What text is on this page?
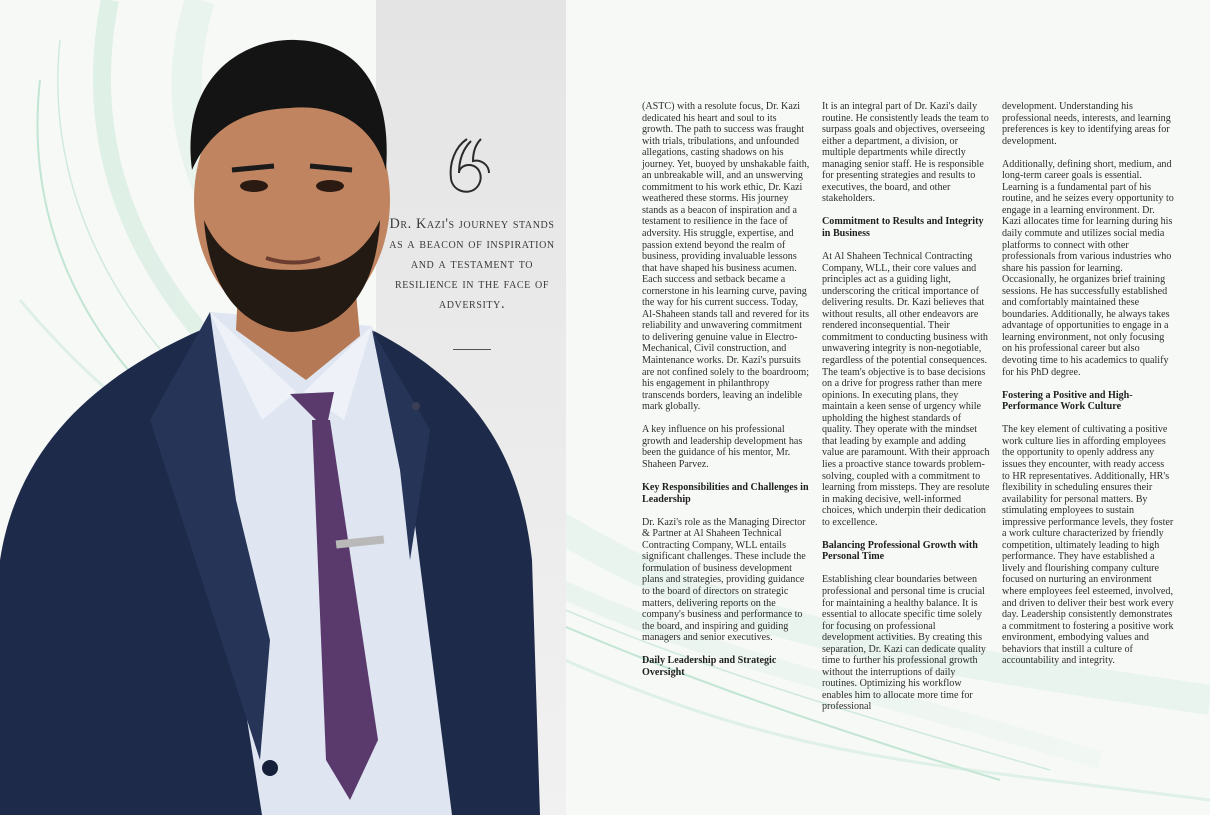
Dr. Kazi's journey stands as a beacon of inspiration and a testament to resilience in the face of adversity.

(ASTC) with a resolute focus, Dr. Kazi dedicated his heart and soul to its growth. The path to success was fraught with trials, tribulations, and unfounded allegations, casting shadows on his journey. Yet, buoyed by unshakable faith, an unbreakable will, and an unswerving commitment to his work ethic, Dr. Kazi weathered these storms. His journey stands as a beacon of inspiration and a testament to resilience in the face of adversity. His struggle, expertise, and passion extend beyond the realm of business, providing invaluable lessons that have shaped his business acumen. Each success and setback became a cornerstone in his learning curve, paving the way for his current success. Today, Al-Shaheen stands tall and revered for its reliability and unwavering commitment to delivering genuine value in Electro-Mechanical, Civil construction, and Maintenance works. Dr. Kazi's pursuits are not confined solely to the boardroom; his engagement in philanthropy transcends borders, leaving an indelible mark globally.

A key influence on his professional growth and leadership development has been the guidance of his mentor, Mr. Shaheen Parvez.

Key Responsibilities and Challenges in Leadership

Dr. Kazi's role as the Managing Director & Partner at Al Shaheen Technical Contracting Company, WLL entails significant challenges. These include the formulation of business development plans and strategies, providing guidance to the board of directors on strategic matters, delivering reports on the company's business and performance to the board, and inspiring and guiding managers and senior executives.

Daily Leadership and Strategic Oversight

It is an integral part of Dr. Kazi's daily routine. He consistently leads the team to surpass goals and objectives, overseeing either a department, a division, or multiple departments while directly managing senior staff. He is responsible for presenting strategies and results to executives, the board, and other stakeholders.

Commitment to Results and Integrity in Business

At Al Shaheen Technical Contracting Company, WLL, their core values and principles act as a guiding light, underscoring the critical importance of delivering results. Dr. Kazi believes that without results, all other endeavors are rendered inconsequential. Their commitment to conducting business with unwavering integrity is non-negotiable, regardless of the potential consequences. The team's objective is to base decisions on a drive for progress rather than mere opinions. In executing plans, they maintain a keen sense of urgency while upholding the highest standards of quality. They operate with the mindset that leading by example and adding value are paramount. With their approach lies a proactive stance towards problem-solving, coupled with a commitment to learning from missteps. They are resolute in making decisive, well-informed choices, which underpin their dedication to excellence.

Balancing Professional Growth with Personal Time

Establishing clear boundaries between professional and personal time is crucial for maintaining a healthy balance. It is essential to allocate specific time solely for focusing on professional development activities. By creating this separation, Dr. Kazi can dedicate quality time to further his professional growth without the interruptions of daily routines. Optimizing his workflow enables him to allocate more time for professional

development. Understanding his professional needs, interests, and learning preferences is key to identifying areas for development.

Additionally, defining short, medium, and long-term career goals is essential. Learning is a fundamental part of his routine, and he seizes every opportunity to engage in a learning environment. Dr. Kazi allocates time for learning during his daily commute and utilizes social media platforms to connect with other professionals from various industries who share his passion for learning. Occasionally, he organizes brief training sessions. He has successfully established and comfortably maintained these boundaries. Additionally, he always takes advantage of opportunities to engage in a learning environment, not only focusing on his professional career but also devoting time to his academics to qualify for his PhD degree.

Fostering a Positive and High-Performance Work Culture

The key element of cultivating a positive work culture lies in affording employees the opportunity to openly address any issues they encounter, with ready access to HR representatives. Additionally, HR's flexibility in scheduling ensures their availability for personal matters. By stimulating employees to sustain impressive performance levels, they foster a work culture characterized by friendly competition, ultimately leading to high performance. They have established a lively and flourishing company culture focused on nurturing an environment where employees feel esteemed, involved, and driven to deliver their best work every day. Leadership consistently demonstrates a commitment to fostering a positive work environment, embodying values and behaviors that instill a culture of accountability and integrity.
